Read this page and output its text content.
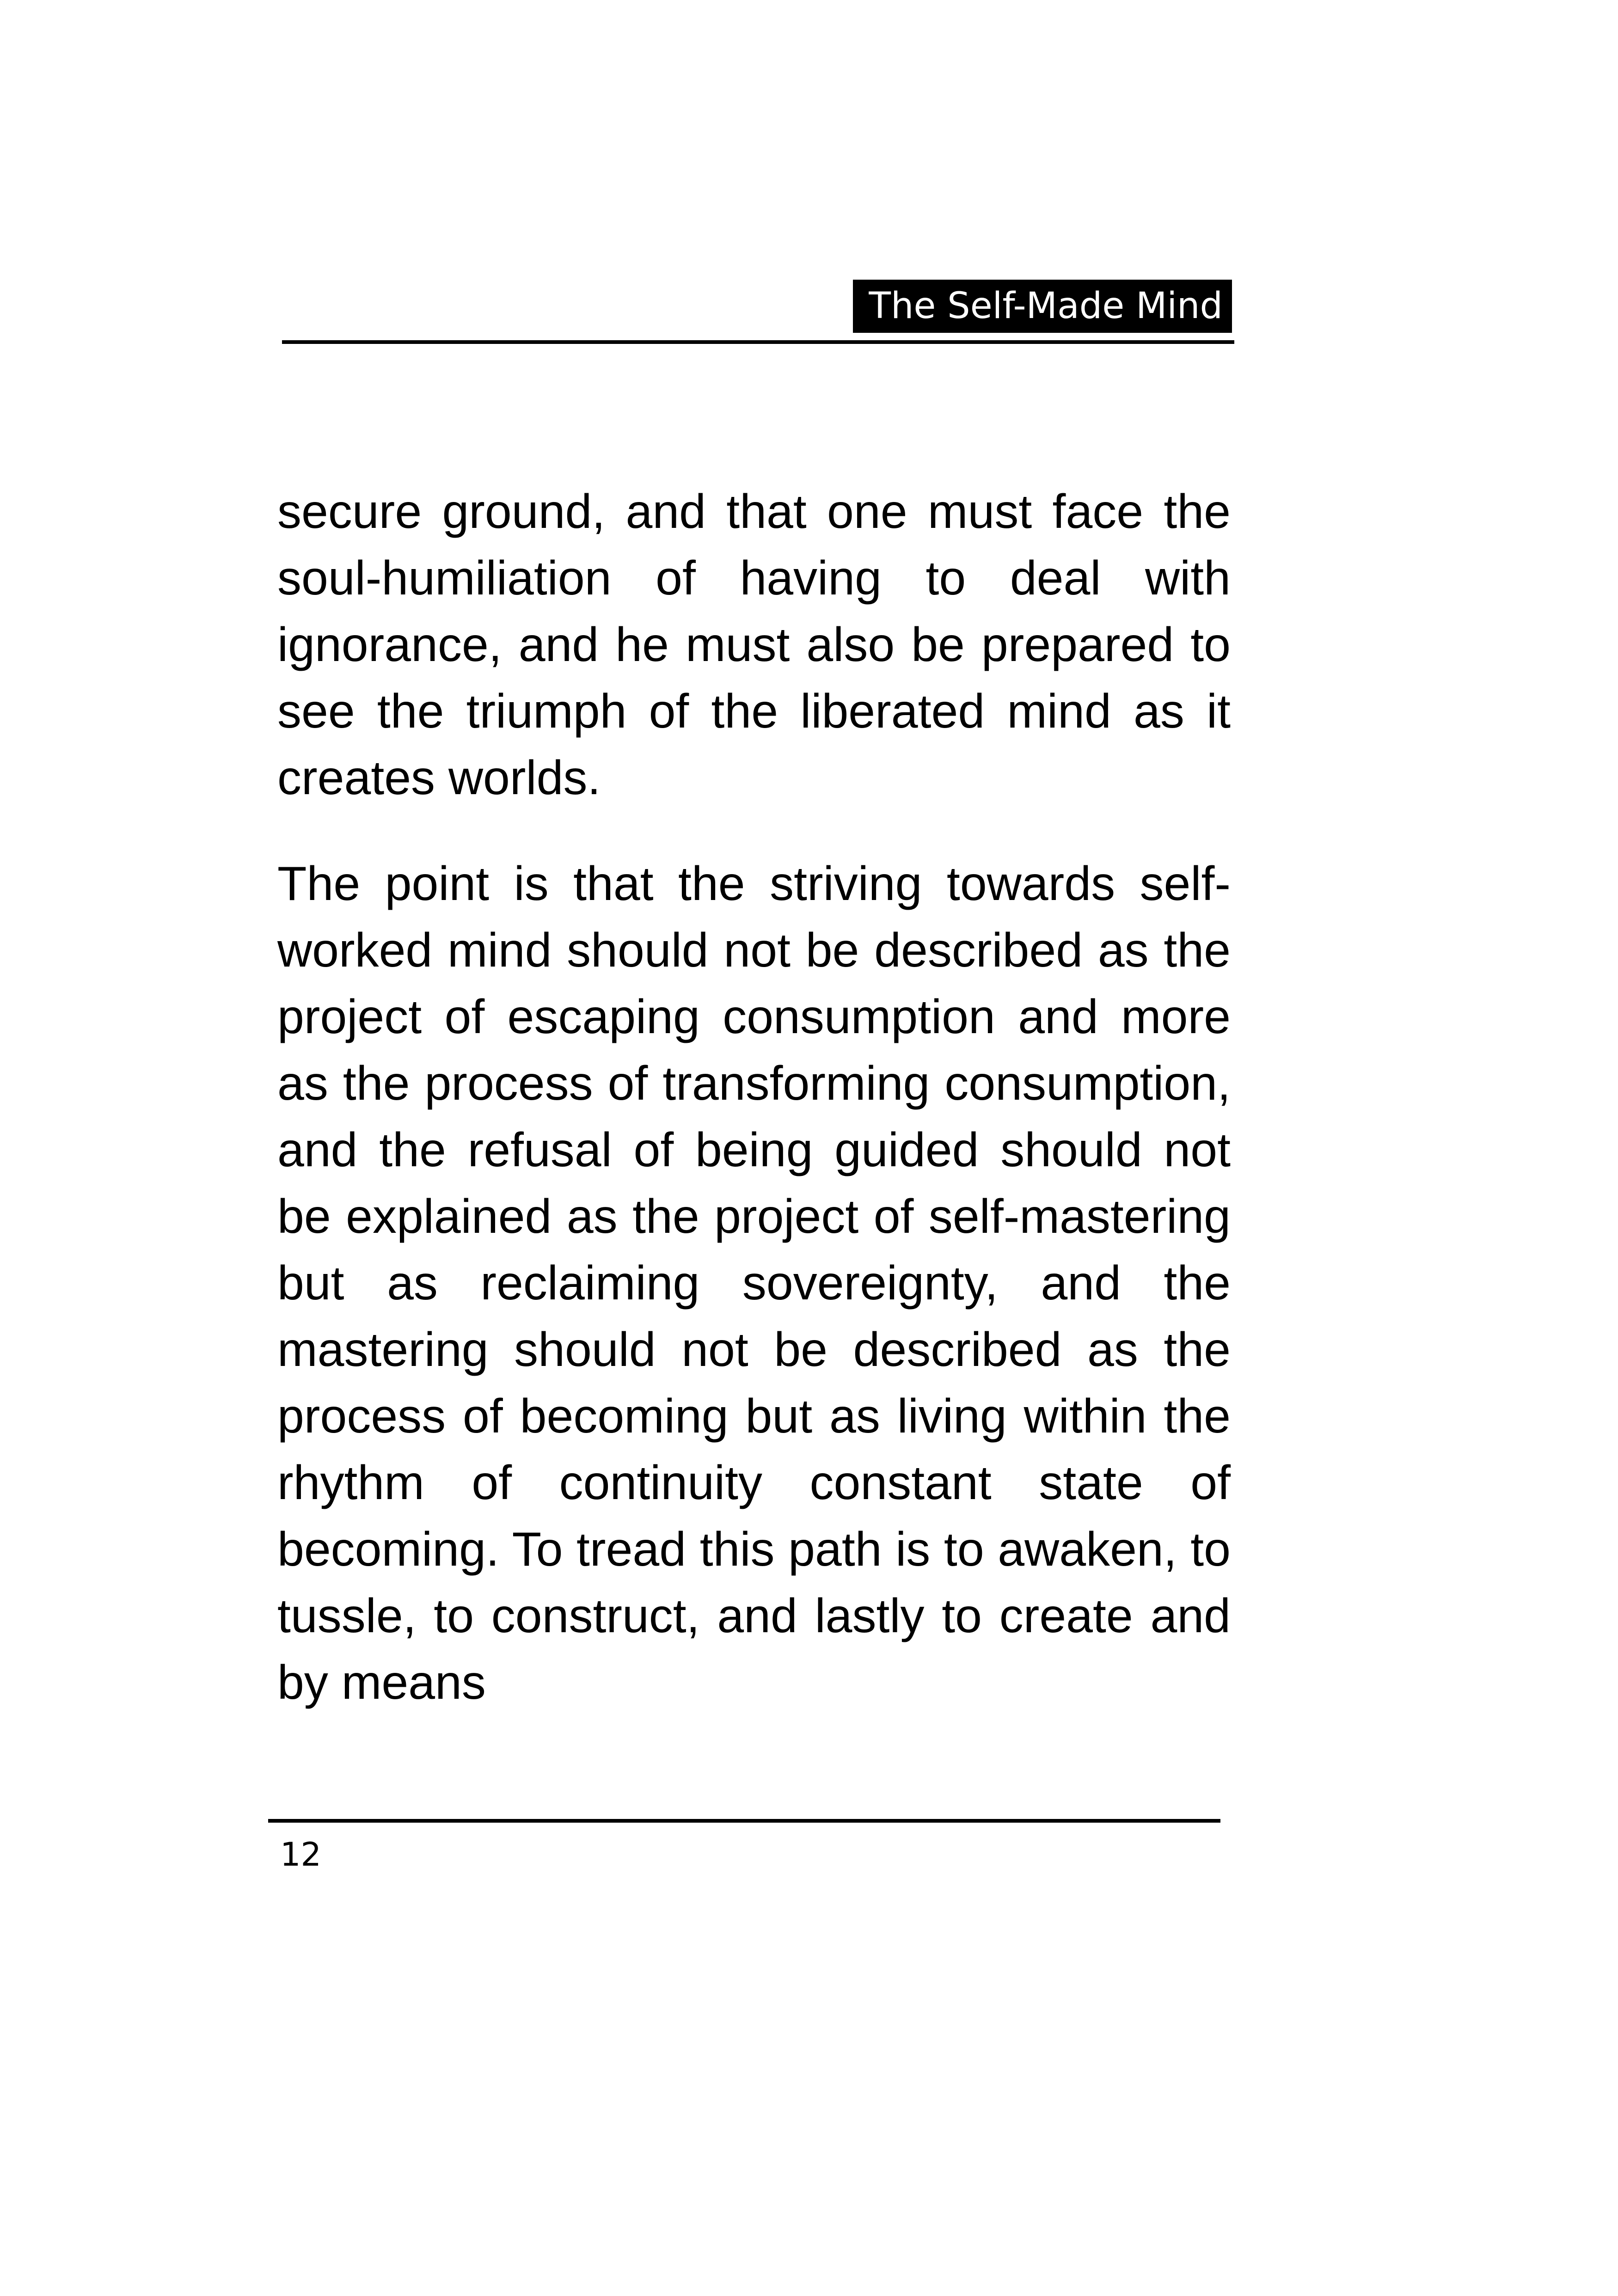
The Self-Made Mind

secure ground, and that one must face the soul-humiliation of having to deal with ignorance, and he must also be prepared to see the triumph of the liberated mind as it creates worlds.

The point is that the striving towards self-worked mind should not be described as the project of escaping consumption and more as the process of transforming consumption, and the refusal of being guided should not be explained as the project of self-mastering but as reclaiming sovereignty, and the mastering should not be described as the process of becoming but as living within the rhythm of continuity constant state of becoming. To tread this path is to awaken, to tussle, to construct, and lastly to create and by means

12
